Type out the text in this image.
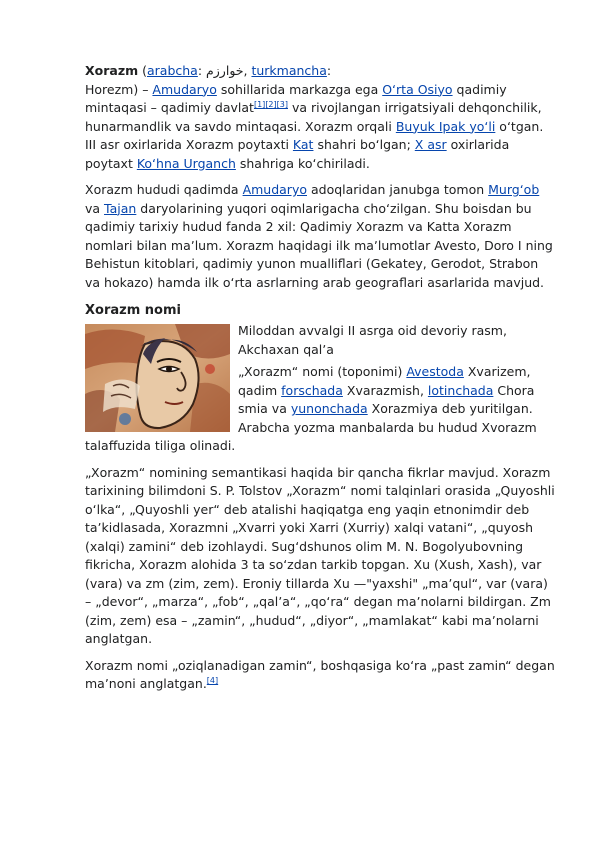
Xorazm (arabcha: خوارزم, turkmancha:
Horezm) – Amudaryo sohillarida markazga ega Oʻrta Osiyo qadimiy mintaqasi – qadimiy davlat[1][2][3] va rivojlangan irrigatsiyali dehqonchilik, hunarmandlik va savdo mintaqasi. Xorazm orqali Buyuk Ipak yoʻli oʻtgan. III asr oxirlarida Xorazm poytaxti Kat shahri boʻlgan; X asr oxirlarida poytaxt Koʻhna Urganch shahriga koʻchiriladi.

Xorazm hududi qadimda Amudaryo adoqlaridan janubga tomon Murgʻob va Tajan daryolarining yuqori oqimlarigacha choʻzilgan. Shu boisdan bu qadimiy tarixiy hudud fanda 2 xil: Qadimiy Xorazm va Katta Xorazm nomlari bilan maʼlum. Xorazm haqidagi ilk maʼlumotlar Avesto, Doro I ning Behistun kitoblari, qadimiy yunon mualliflari (Gekatey, Gerodot, Strabon va hokazo) hamda ilk oʻrta asrlarning arab geograflari asarlarida mavjud.

Xorazm nomi

Miloddan avvalgi II asrga oid devoriy rasm, Akchaxan qalʼa

„Xorazm“ nomi (toponimi) Avestoda Xvarizem, qadim forschada Xvarazmish, lotinchada Chora smia va yunonchada Xorazmiya deb yuritilgan. Arabcha yozma manbalarda bu hudud Xvorazm talaffuzida tiliga olinadi.

„Xorazm“ nomining semantikasi haqida bir qancha fikrlar mavjud. Xorazm tarixining bilimdoni S. P. Tolstov „Xorazm“ nomi talqinlari orasida „Quyoshli oʻlka“, „Quyoshli yer“ deb atalishi haqiqatga eng yaqin etnonimdir deb taʼkidlasada, Xorazmni „Xvarri yoki Xarri (Xurriy) xalqi vatani“, „quyosh (xalqi) zamini“ deb izohlaydi. Sugʻdshunos olim M. N. Bogolyubovning fikricha, Xorazm alohida 3 ta soʻzdan tarkib topgan. Xu (Xush, Xash), var (vara) va zm (zim, zem). Eroniy tillarda Xu —"yaxshi" „maʼqul“, var (vara) – „devor“, „marza“, „fob“, „qalʼa“, „qoʻra“ degan maʼnolarni bildirgan. Zm (zim, zem) esa – „zamin“, „hudud“, „diyor“, „mamlakat“ kabi maʼnolarni anglatgan.

Xorazm nomi „oziqlanadigan zamin“, boshqasiga koʻra „past zamin“ degan maʼnoni anglatgan.[4]
